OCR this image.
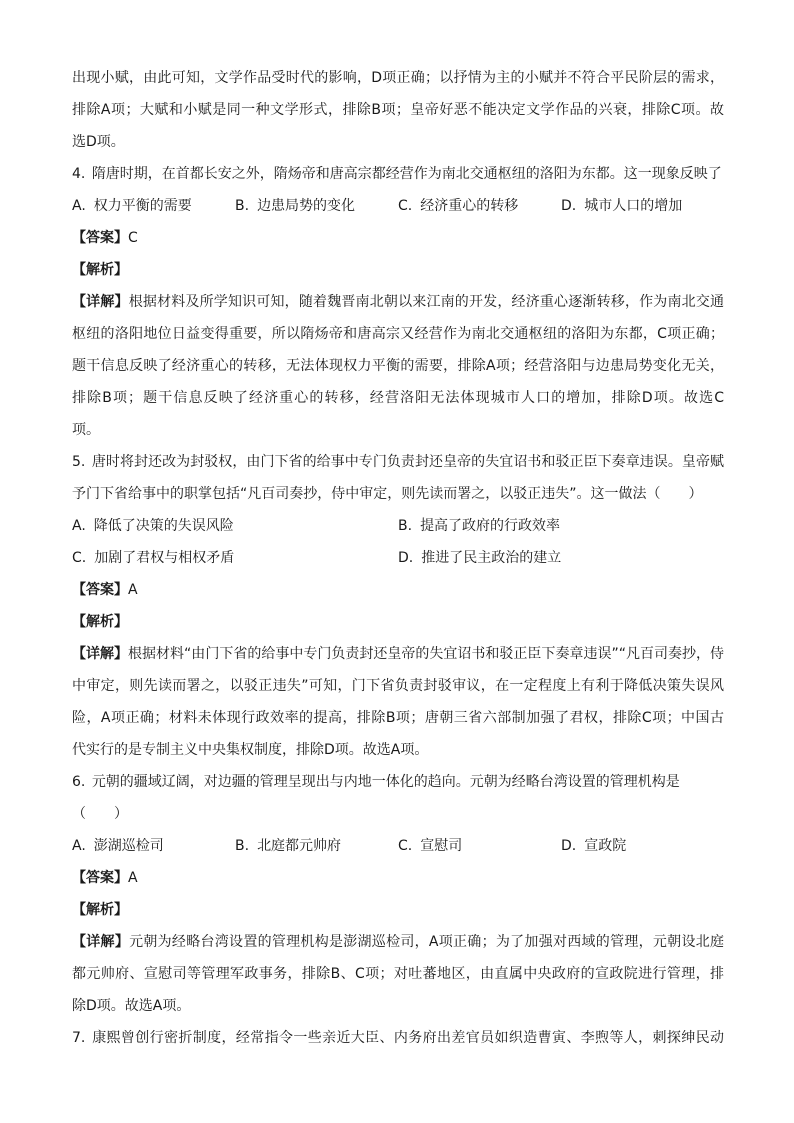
出现小赋，由此可知，文学作品受时代的影响，D项正确；以抒情为主的小赋并不符合平民阶层的需求，
排除A项；大赋和小赋是同一种文学形式，排除B项；皇帝好恶不能决定文学作品的兴衰，排除C项。故
选D项。
4. 隋唐时期，在首都长安之外，隋炀帝和唐高宗都经营作为南北交通枢纽的洛阳为东都。这一现象反映了
A. 权力平衡的需要	B. 边患局势的变化	C. 经济重心的转移	D. 城市人口的增加
【答案】C
【解析】
【详解】根据材料及所学知识可知，随着魏晋南北朝以来江南的开发，经济重心逐渐转移，作为南北交通
枢纽的洛阳地位日益变得重要，所以隋炀帝和唐高宗又经营作为南北交通枢纽的洛阳为东都，C项正确；
题干信息反映了经济重心的转移，无法体现权力平衡的需要，排除A项；经营洛阳与边患局势变化无关，
排除B项；题干信息反映了经济重心的转移，经营洛阳无法体现城市人口的增加，排除D项。故选C
项。
5. 唐时将封还改为封驳权，由门下省的给事中专门负责封还皇帝的失宜诏书和驳正臣下奏章违误。皇帝赋
予门下省给事中的职掌包括“凡百司奏抄，侍中审定，则先读而署之，以驳正违失”。这一做法（　　）
A. 降低了决策的失误风险	B. 提高了政府的行政效率
C. 加剧了君权与相权矛盾	D. 推进了民主政治的建立
【答案】A
【解析】
【详解】根据材料“由门下省的给事中专门负责封还皇帝的失宜诏书和驳正臣下奏章违误”“凡百司奏抄，侍
中审定，则先读而署之，以驳正违失”可知，门下省负责封驳审议，在一定程度上有利于降低决策失误风
险，A项正确；材料未体现行政效率的提高，排除B项；唐朝三省六部制加强了君权，排除C项；中国古
代实行的是专制主义中央集权制度，排除D项。故选A项。
6. 元朝的疆域辽阔，对边疆的管理呈现出与内地一体化的趋向。元朝为经略台湾设置的管理机构是
（　　）
A. 澎湖巡检司	B. 北庭都元帅府	C. 宣慰司	D. 宣政院
【答案】A
【解析】
【详解】元朝为经略台湾设置的管理机构是澎湖巡检司，A项正确；为了加强对西域的管理，元朝设北庭
都元帅府、宣慰司等管理军政事务，排除B、C项；对吐蕃地区，由直属中央政府的宣政院进行管理，排
除D项。故选A项。
7. 康熙曾创行密折制度，经常指令一些亲近大臣、内务府出差官员如织造曹寅、李煦等人，刺探绅民动
